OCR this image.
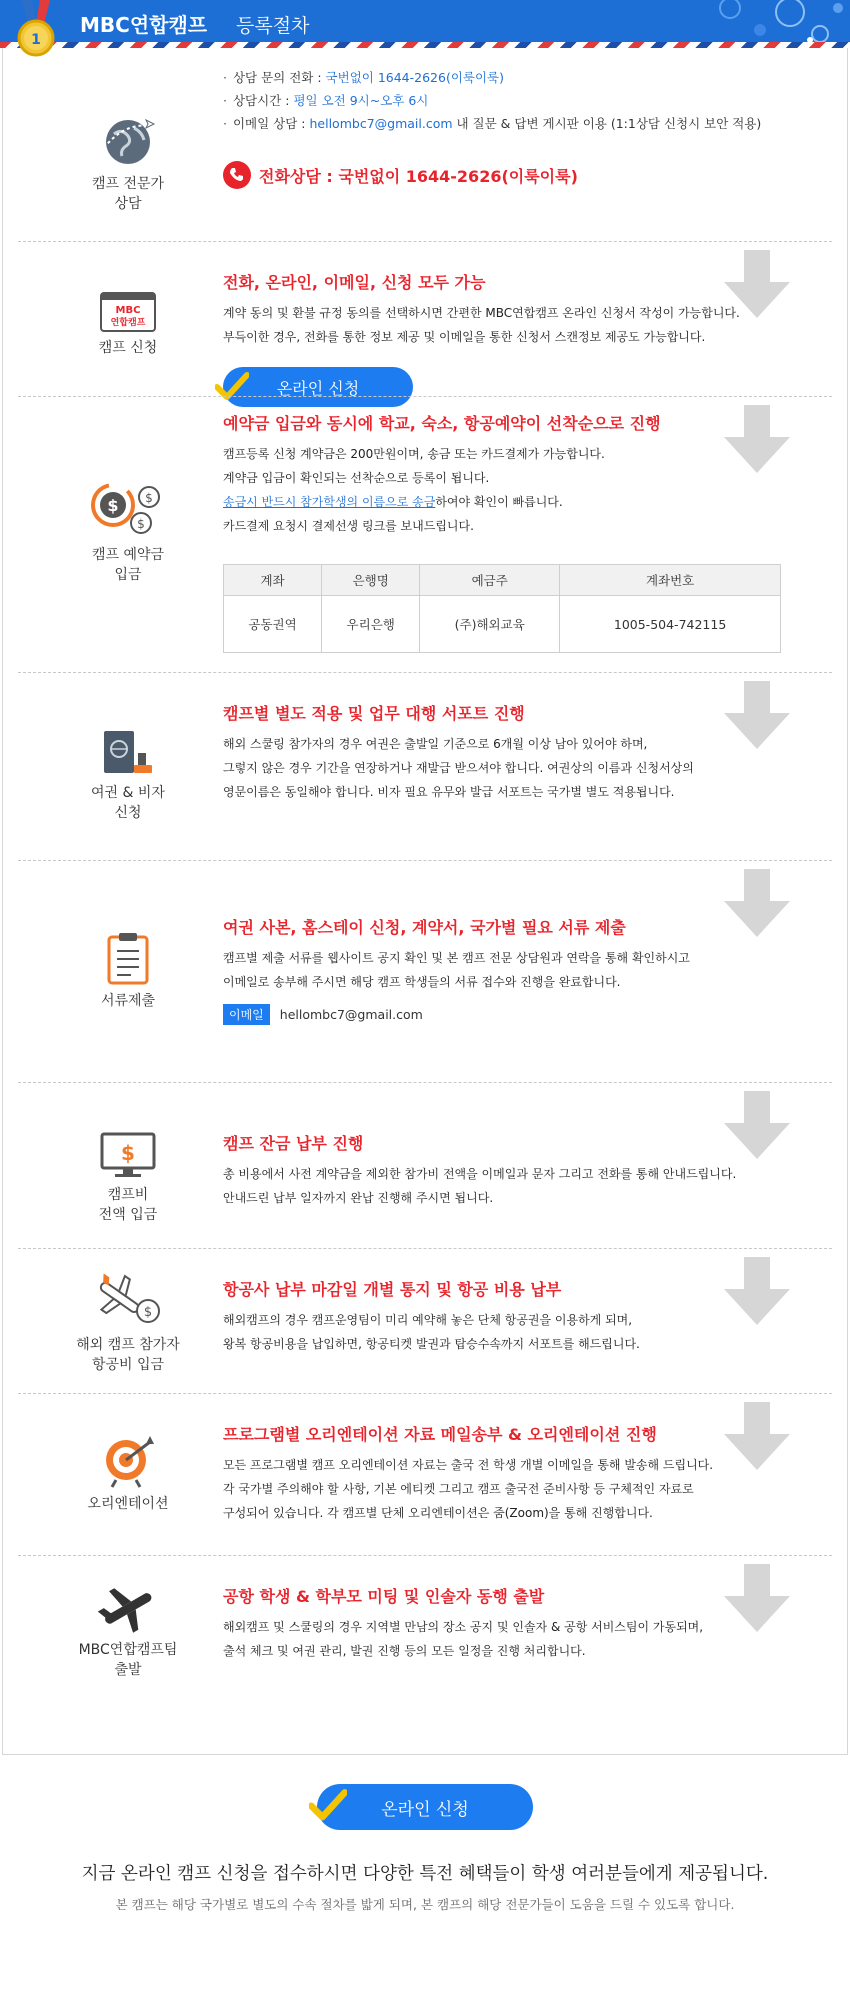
MBC연합캠프 등록절차
1
캠프 전문가
상담
· 상담 문의 전화 : 국번없이 1644-2626(이룩이룩)
· 상담시간 : 평일 오전 9시~오후 6시
· 이메일 상담 : hellombc7@gmail.com 내 질문 & 답변 게시판 이용 (1:1상담 신청시 보안 적용)
전화상담 : 국번없이 1644-2626(이룩이룩)
MBC
연합캠프
캠프 신청
전화, 온라인, 이메일, 신청 모두 가능
계약 동의 및 환불 규정 동의를 선택하시면 간편한 MBC연합캠프 온라인 신청서 작성이 가능합니다.
부득이한 경우, 전화를 통한 정보 제공 및 이메일을 통한 신청서 스캔정보 제공도 가능합니다.
온라인 신청
$ $
$
캠프 예약금
입금
예약금 입금와 동시에 학교, 숙소, 항공예약이 선착순으로 진행
캠프등록 신청 계약금은 200만원이며, 송금 또는 카드결제가 가능합니다.
계약금 입금이 확인되는 선착순으로 등록이 됩니다.
송금시 반드시 참가학생의 이름으로 송금하여야 확인이 빠릅니다.
카드결제 요청시 결제선생 링크를 보내드립니다.
계좌	은행명	예금주	계좌번호
공동권역	우리은행	(주)해외교육	1005-504-742115
여권 & 비자
신청
캠프별 별도 적용 및 업무 대행 서포트 진행
해외 스쿨링 참가자의 경우 여권은 출발일 기준으로 6개월 이상 남아 있어야 하며,
그렇지 않은 경우 기간을 연장하거나 재발급 받으셔야 합니다. 여권상의 이름과 신청서상의
영문이름은 동일해야 합니다. 비자 필요 유무와 발급 서포트는 국가별 별도 적용됩니다.
서류제출
여권 사본, 홈스테이 신청, 계약서, 국가별 필요 서류 제출
캠프별 제출 서류를 웹사이트 공지 확인 및 본 캠프 전문 상담원과 연락을 통해 확인하시고
이메일로 송부해 주시면 해당 캠프 학생들의 서류 접수와 진행을 완료합니다.
이메일	hellombc7@gmail.com
$
캠프비
전액 입금
캠프 잔금 납부 진행
총 비용에서 사전 계약금을 제외한 참가비 전액을 이메일과 문자 그리고 전화를 통해 안내드립니다.
안내드린 납부 일자까지 완납 진행해 주시면 됩니다.
$
해외 캠프 참가자
항공비 입금
항공사 납부 마감일 개별 통지 및 항공 비용 납부
해외캠프의 경우 캠프운영팀이 미리 예약해 놓은 단체 항공권을 이용하게 되며,
왕복 항공비용을 납입하면, 항공티켓 발권과 탑승수속까지 서포트를 해드립니다.
오리엔테이션
프로그램별 오리엔테이션 자료 메일송부 & 오리엔테이션 진행
모든 프로그램별 캠프 오리엔테이션 자료는 출국 전 학생 개별 이메일을 통해 발송해 드립니다.
각 국가별 주의해야 할 사항, 기본 에티켓 그리고 캠프 출국전 준비사항 등 구체적인 자료로
구성되어 있습니다. 각 캠프별 단체 오리엔테이션은 줌(Zoom)을 통해 진행합니다.
MBC연합캠프팀
출발
공항 학생 & 학부모 미팅 및 인솔자 동행 출발
해외캠프 및 스쿨링의 경우 지역별 만남의 장소 공지 및 인솔자 & 공항 서비스팀이 가동되며,
출석 체크 및 여권 관리, 발권 진행 등의 모든 일정을 진행 처리합니다.
온라인 신청
지금 온라인 캠프 신청을 접수하시면 다양한 특전 혜택들이 학생 여러분들에게 제공됩니다.
본 캠프는 해당 국가별로 별도의 수속 절차를 밟게 되며, 본 캠프의 해당 전문가들이 도움을 드릴 수 있도록 합니다.
